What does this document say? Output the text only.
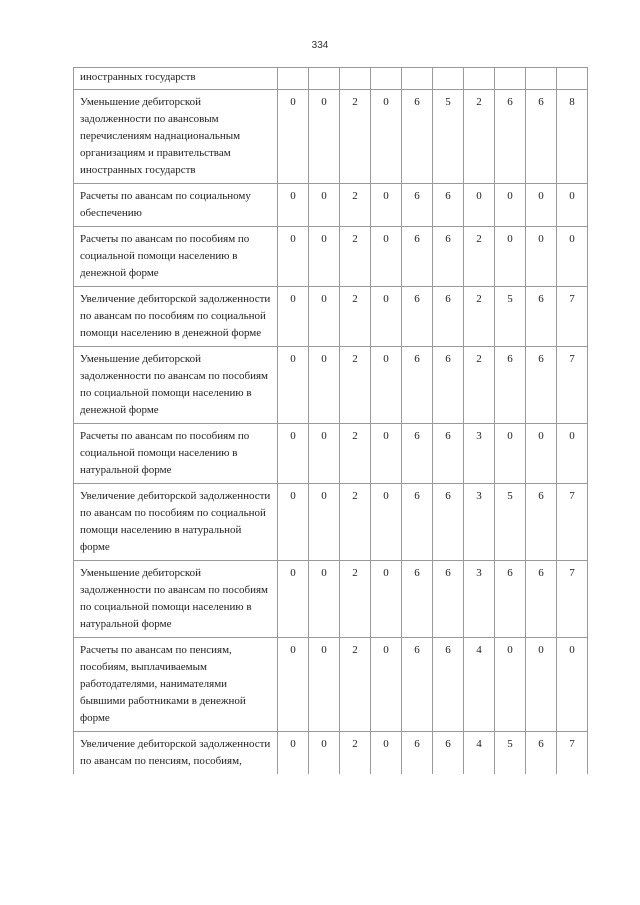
334
иностранных государств										
Уменьшение дебиторской задолженности по авансовым перечислениям наднациональным организациям и правительствам иностранных государств	0	0	2	0	6	5	2	6	6	8
Расчеты по авансам по социальному обеспечению	0	0	2	0	6	6	0	0	0	0
Расчеты по авансам по пособиям по социальной помощи населению в денежной форме	0	0	2	0	6	6	2	0	0	0
Увеличение дебиторской задолженности по авансам по пособиям по социальной помощи населению в денежной форме	0	0	2	0	6	6	2	5	6	7
Уменьшение дебиторской задолженности по авансам по пособиям по социальной помощи населению в денежной форме	0	0	2	0	6	6	2	6	6	7
Расчеты по авансам по пособиям по социальной помощи населению в натуральной форме	0	0	2	0	6	6	3	0	0	0
Увеличение дебиторской задолженности по авансам по пособиям по социальной помощи населению в натуральной форме	0	0	2	0	6	6	3	5	6	7
Уменьшение дебиторской задолженности по авансам по пособиям по социальной помощи населению в натуральной форме	0	0	2	0	6	6	3	6	6	7
Расчеты по авансам по пенсиям, пособиям, выплачиваемым работодателями, нанимателями бывшими работниками в денежной форме	0	0	2	0	6	6	4	0	0	0
Увеличение дебиторской задолженности по авансам по пенсиям, пособиям,	0	0	2	0	6	6	4	5	6	7
